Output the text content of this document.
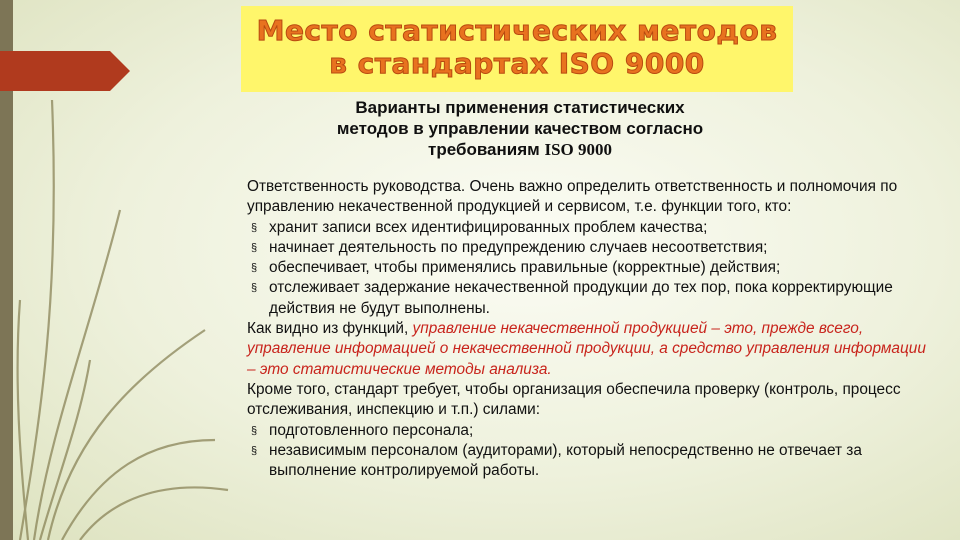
Место статистических методов
в стандартах ISO 9000
Варианты применения статистических
методов в управлении качеством согласно
требованиям ISO 9000

Ответственность руководства. Очень важно определить ответственность и полномочия по управлению некачественной продукцией и сервисом, т.е. функции того, кто:

§ хранит записи всех идентифицированных проблем качества;
§ начинает деятельность по предупреждению случаев несоответствия;
§ обеспечивает, чтобы применялись правильные (корректные) действия;
§ отслеживает задержание некачественной продукции до тех пор, пока корректирующие действия не будут выполнены.

Как видно из функций, управление некачественной продукцией – это, прежде всего, управление информацией о некачественной продукции, а средство управления информации – это статистические методы анализа.

Кроме того, стандарт требует, чтобы организация обеспечила проверку (контроль, процесс отслеживания, инспекцию и т.п.) силами:

§ подготовленного персонала;
§ независимым персоналом (аудиторами), который непосредственно не отвечает за выполнение контролируемой работы.
